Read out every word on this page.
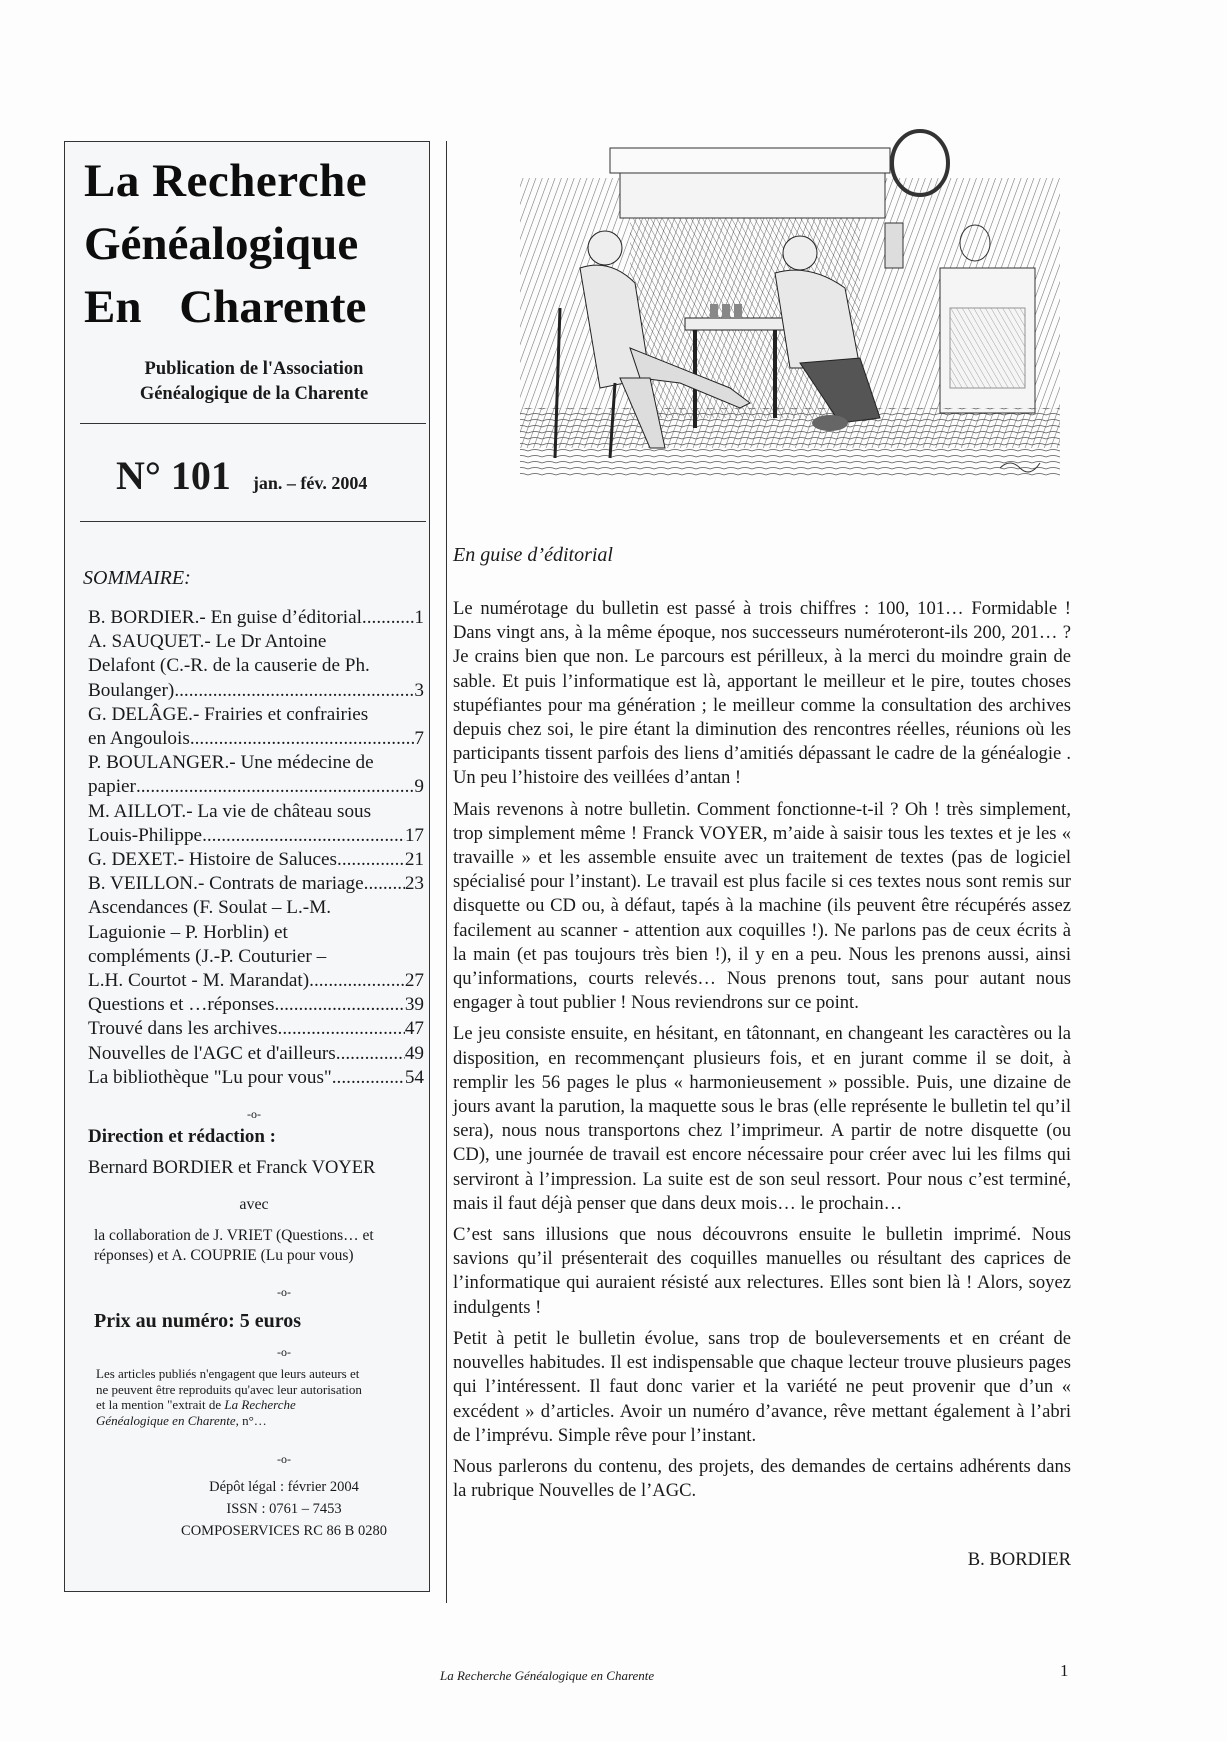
La Recherche
Généalogique
En Charente
Publication de l'Association
Généalogique de la Charente
N° 101 jan. – fév. 2004
SOMMAIRE:
B. BORDIER.- En guise d’éditorial .....	1
A. SAUQUET.- Le Dr Antoine
Delafont (C.-R. de la causerie de Ph.
Boulanger) .....	3
G. DELÂGE.- Frairies et confrairies
en Angoulois .....	7
P. BOULANGER.- Une médecine de
papier .....	9
M. AILLOT.- La vie de château sous
Louis-Philippe .....	17
G. DEXET.- Histoire de Saluces .....	21
B. VEILLON.- Contrats de mariage ..... 23
Ascendances (F. Soulat – L.-M.
Laguionie – P. Horblin) et
compléments (J.-P. Couturier –
L.H. Courtot - M. Marandat) .....	27
Questions et …réponses .....	39
Trouvé dans les archives .....	47
Nouvelles de l'AGC et d'ailleurs .....	49
La bibliothèque "Lu pour vous" .....	54
-o-
Direction et rédaction :
Bernard BORDIER et Franck VOYER
avec
la collaboration de J. VRIET (Questions… et
réponses) et A. COUPRIE (Lu pour vous)
-o-
Prix au numéro: 5 euros
-o-
Les articles publiés n'engagent que leurs auteurs et
ne peuvent être reproduits qu'avec leur autorisation
et la mention "extrait de La Recherche
Généalogique en Charente, n°…
-o-
Dépôt légal : février 2004
ISSN : 0761 – 7453
COMPOSERVICES RC 86 B 0280
En guise d’éditorial

Le numérotage du bulletin est passé à trois chiffres : 100, 101… Formidable ! Dans vingt ans, à la même époque, nos successeurs numéroteront-ils 200, 201… ? Je crains bien que non. Le parcours est périlleux, à la merci du moindre grain de sable. Et puis l’informatique est là, apportant le meilleur et le pire, toutes choses stupéfiantes pour ma génération ; le meilleur comme la consultation des archives depuis chez soi, le pire étant la diminution des rencontres réelles, réunions où les participants tissent parfois des liens d’amitiés dépassant le cadre de la généalogie . Un peu l’histoire des veillées d’antan !

Mais revenons à notre bulletin. Comment fonctionne-t-il ? Oh ! très simplement, trop simplement même ! Franck VOYER, m’aide à saisir tous les textes et je les « travaille » et les assemble ensuite avec un traitement de textes (pas de logiciel spécialisé pour l’instant). Le travail est plus facile si ces textes nous sont remis sur disquette ou CD ou, à défaut, tapés à la machine (ils peuvent être récupérés assez facilement au scanner - attention aux coquilles !). Ne parlons pas de ceux écrits à la main (et pas toujours très bien !), il y en a peu. Nous les prenons aussi, ainsi qu’informations, courts relevés… Nous prenons tout, sans pour autant nous engager à tout publier ! Nous reviendrons sur ce point.

Le jeu consiste ensuite, en hésitant, en tâtonnant, en changeant les caractères ou la disposition, en recommençant plusieurs fois, et en jurant comme il se doit, à remplir les 56 pages le plus « harmonieusement » possible. Puis, une dizaine de jours avant la parution, la maquette sous le bras (elle représente le bulletin tel qu’il sera), nous nous transportons chez l’imprimeur. A partir de notre disquette (ou CD), une journée de travail est encore nécessaire pour créer avec lui les films qui serviront à l’impression. La suite est de son seul ressort. Pour nous c’est terminé, mais il faut déjà penser que dans deux mois… le prochain…

C’est sans illusions que nous découvrons ensuite le bulletin imprimé. Nous savions qu’il présenterait des coquilles manuelles ou résultant des caprices de l’informatique qui auraient résisté aux relectures. Elles sont bien là ! Alors, soyez indulgents !

Petit à petit le bulletin évolue, sans trop de bouleversements et en créant de nouvelles habitudes. Il est indispensable que chaque lecteur trouve plusieurs pages qui l’intéressent. Il faut donc varier et la variété ne peut provenir que d’un « excédent » d’articles. Avoir un numéro d’avance, rêve mettant également à l’abri de l’imprévu. Simple rêve pour l’instant.

Nous parlerons du contenu, des projets, des demandes de certains adhérents dans la rubrique Nouvelles de l’AGC.

B. BORDIER
La Recherche Généalogique en Charente	1
